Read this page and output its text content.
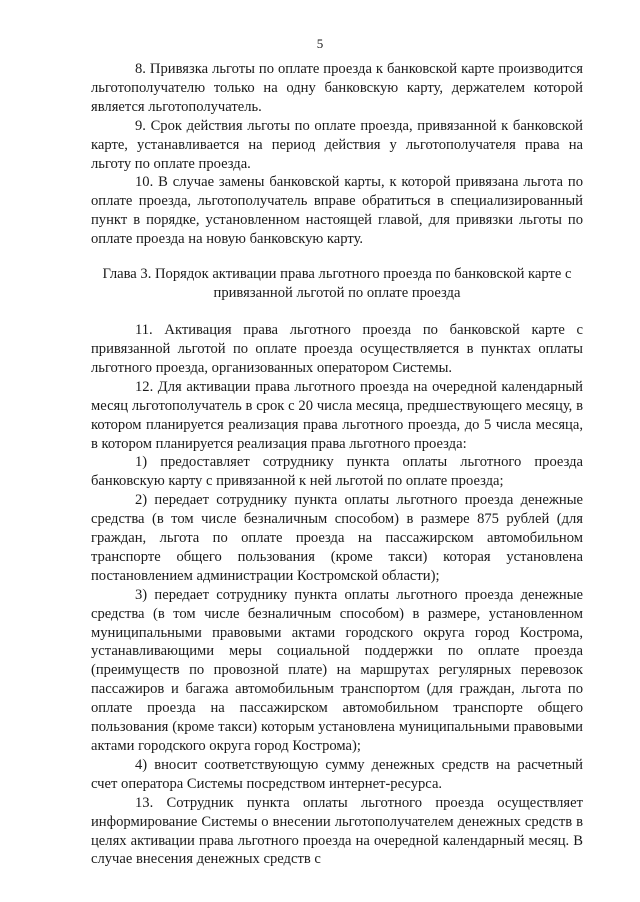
5

8. Привязка льготы по оплате проезда к банковской карте производится льготополучателю только на одну банковскую карту, держателем которой является льготополучатель.

9. Срок действия льготы по оплате проезда, привязанной к банковской карте, устанавливается на период действия у льготополучателя права на льготу по оплате проезда.

10. В случае замены банковской карты, к которой привязана льгота по оплате проезда, льготополучатель вправе обратиться в специализированный пункт в порядке, установленном настоящей главой, для привязки льготы по оплате проезда на новую банковскую карту.

Глава 3. Порядок активации права льготного проезда по банковской карте с привязанной льготой по оплате проезда

11. Активация права льготного проезда по банковской карте с привязанной льготой по оплате проезда осуществляется в пунктах оплаты льготного проезда, организованных оператором Системы.

12. Для активации права льготного проезда на очередной календарный месяц льготополучатель в срок с 20 числа месяца, предшествующего месяцу, в котором планируется реализация права льготного проезда, до 5 числа месяца, в котором планируется реализация права льготного проезда:

1) предоставляет сотруднику пункта оплаты льготного проезда банковскую карту с привязанной к ней льготой по оплате проезда;

2) передает сотруднику пункта оплаты льготного проезда денежные средства (в том числе безналичным способом) в размере 875 рублей (для граждан, льгота по оплате проезда на пассажирском автомобильном транспорте общего пользования (кроме такси) которая установлена постановлением администрации Костромской области);

3) передает сотруднику пункта оплаты льготного проезда денежные средства (в том числе безналичным способом) в размере, установленном муниципальными правовыми актами городского округа город Кострома, устанавливающими меры социальной поддержки по оплате проезда (преимуществ по провозной плате) на маршрутах регулярных перевозок пассажиров и багажа автомобильным транспортом (для граждан, льгота по оплате проезда на пассажирском автомобильном транспорте общего пользования (кроме такси) которым установлена муниципальными правовыми актами городского округа город Кострома);

4) вносит соответствующую сумму денежных средств на расчетный счет оператора Системы посредством интернет-ресурса.

13. Сотрудник пункта оплаты льготного проезда осуществляет информирование Системы о внесении льготополучателем денежных средств в целях активации права льготного проезда на очередной календарный месяц. В случае внесения денежных средств с
